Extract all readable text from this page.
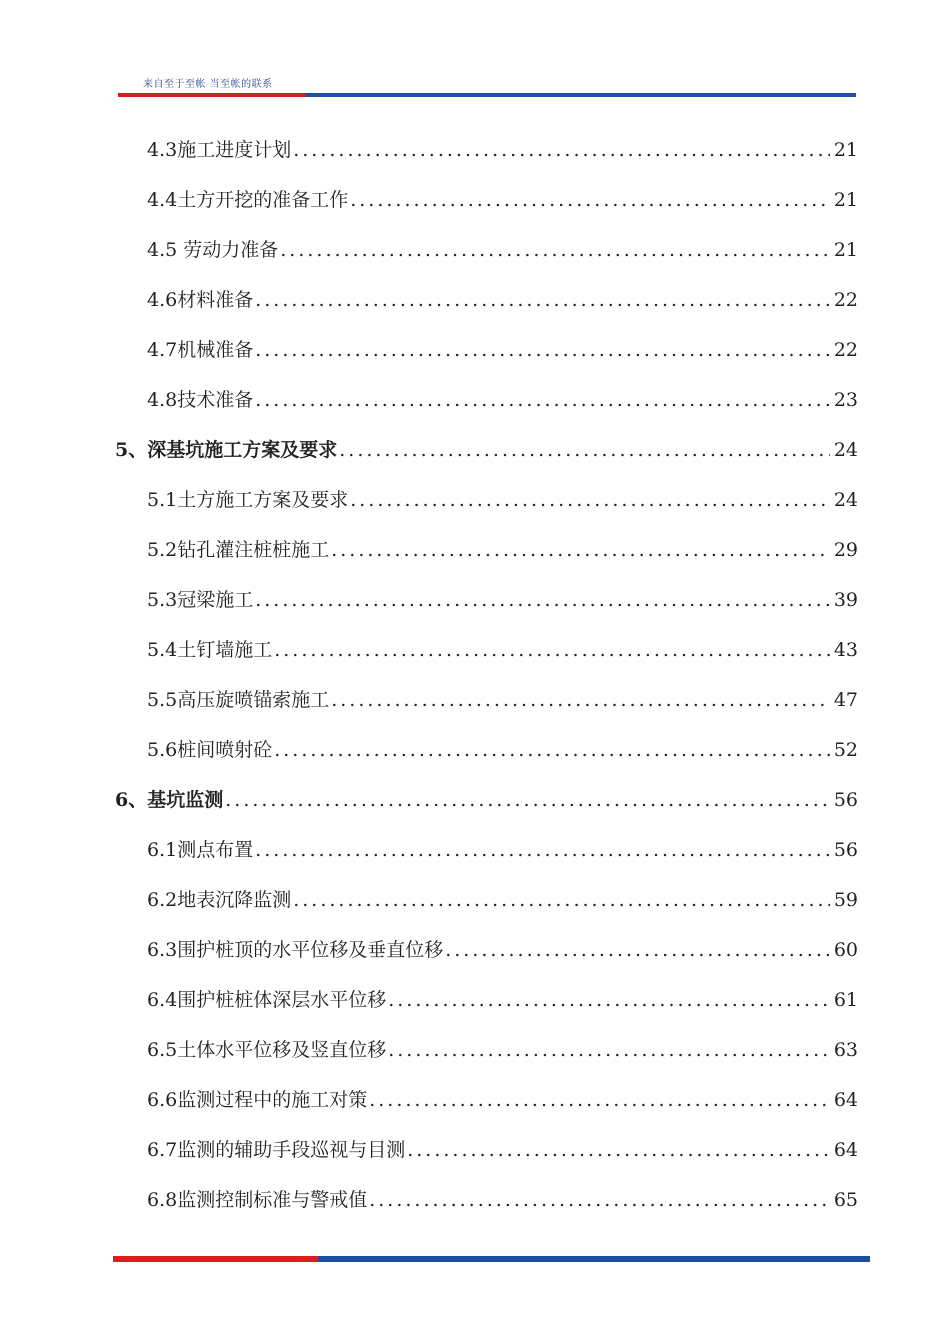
来自至于至帐 当至帐的联系
4.3施工进度计划 .....	21
4.4土方开挖的准备工作 .....	21
4.5 劳动力准备 .....	21
4.6材料准备 .....	22
4.7机械准备 .....	22
4.8技术准备 .....	23
5、深基坑施工方案及要求 .....	24
5.1土方施工方案及要求 .....	24
5.2钻孔灌注桩桩施工 .....	29
5.3冠梁施工 .....	39
5.4土钉墙施工 .....	43
5.5高压旋喷锚索施工 .....	47
5.6桩间喷射砼 .....	52
6、基坑监测 .....	56
6.1测点布置 .....	56
6.2地表沉降监测 .....	59
6.3围护桩顶的水平位移及垂直位移 .....	60
6.4围护桩桩体深层水平位移 .....	61
6.5土体水平位移及竖直位移 .....	63
6.6监测过程中的施工对策 .....	64
6.7监测的辅助手段巡视与目测 .....	64
6.8监测控制标准与警戒值 .....	65
